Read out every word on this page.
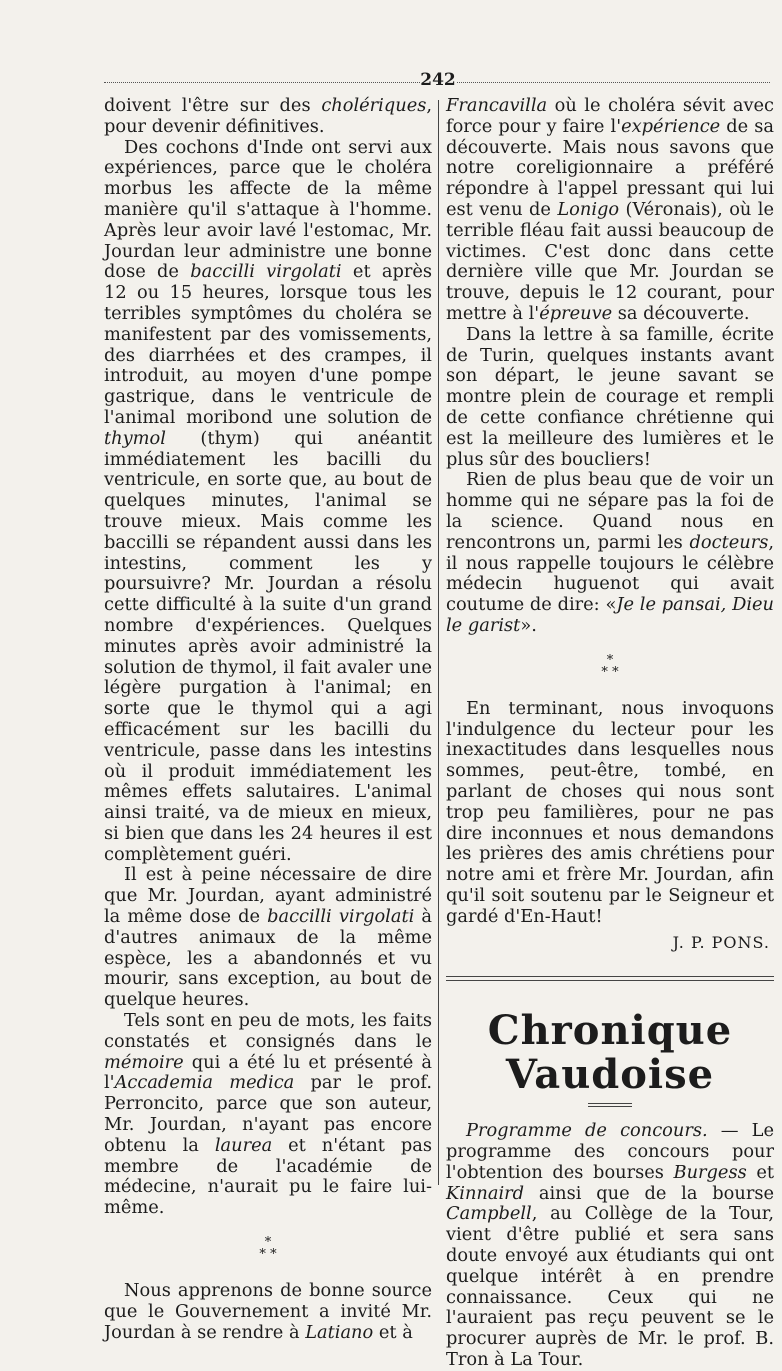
242

doivent l'être sur des cholériques, pour devenir définitives.

Des cochons d'Inde ont servi aux expériences, parce que le choléra morbus les affecte de la même manière qu'il s'attaque à l'homme. Après leur avoir lavé l'estomac, Mr. Jourdan leur administre une bonne dose de baccilli virgolati et après 12 ou 15 heures, lorsque tous les terribles symptômes du choléra se manifestent par des vomissements, des diarrhées et des crampes, il introduit, au moyen d'une pompe gastrique, dans le ventricule de l'animal moribond une solution de thymol (thym) qui anéantit immédiatement les bacilli du ventricule, en sorte que, au bout de quelques minutes, l'animal se trouve mieux. Mais comme les baccilli se répandent aussi dans les intestins, comment les y poursuivre? Mr. Jourdan a résolu cette difficulté à la suite d'un grand nombre d'expériences. Quelques minutes après avoir administré la solution de thymol, il fait avaler une légère purgation à l'animal; en sorte que le thymol qui a agi efficacément sur les bacilli du ventricule, passe dans les intestins où il produit immédiatement les mêmes effets salutaires. L'animal ainsi traité, va de mieux en mieux, si bien que dans les 24 heures il est complètement guéri.

Il est à peine nécessaire de dire que Mr. Jourdan, ayant administré la même dose de baccilli virgolati à d'autres animaux de la même espèce, les a abandonnés et vu mourir, sans exception, au bout de quelque heures.

Tels sont en peu de mots, les faits constatés et consignés dans le mémoire qui a été lu et présenté à l'Accademia medica par le prof. Perroncito, parce que son auteur, Mr. Jourdan, n'ayant pas encore obtenu la laurea et n'étant pas membre de l'académie de médecine, n'aurait pu le faire lui-même.

*
* *

Nous apprenons de bonne source que le Gouvernement a invité Mr. Jourdan à se rendre à Latiano et à

Francavilla où le choléra sévit avec force pour y faire l'expérience de sa découverte. Mais nous savons que notre coreligionnaire a préféré répondre à l'appel pressant qui lui est venu de Lonigo (Véronais), où le terrible fléau fait aussi beaucoup de victimes. C'est donc dans cette dernière ville que Mr. Jourdan se trouve, depuis le 12 courant, pour mettre à l'épreuve sa découverte.

Dans la lettre à sa famille, écrite de Turin, quelques instants avant son départ, le jeune savant se montre plein de courage et rempli de cette confiance chrétienne qui est la meilleure des lumières et le plus sûr des boucliers!

Rien de plus beau que de voir un homme qui ne sépare pas la foi de la science. Quand nous en rencontrons un, parmi les docteurs, il nous rappelle toujours le célèbre médecin huguenot qui avait coutume de dire: «Je le pansai, Dieu le garist».

*
* *

En terminant, nous invoquons l'indulgence du lecteur pour les inexactitudes dans lesquelles nous sommes, peut-être, tombé, en parlant de choses qui nous sont trop peu familières, pour ne pas dire inconnues et nous demandons les prières des amis chrétiens pour notre ami et frère Mr. Jourdan, afin qu'il soit soutenu par le Seigneur et gardé d'En-Haut!

J. P. PONS.
Chronique Vaudoise

Programme de concours. — Le programme des concours pour l'obtention des bourses Burgess et Kinnaird ainsi que de la bourse Campbell, au Collège de la Tour, vient d'être publié et sera sans doute envoyé aux étudiants qui ont quelque intérêt à en prendre connaissance. Ceux qui ne l'auraient pas reçu peuvent se le procurer auprès de Mr. le prof. B. Tron à La Tour.
